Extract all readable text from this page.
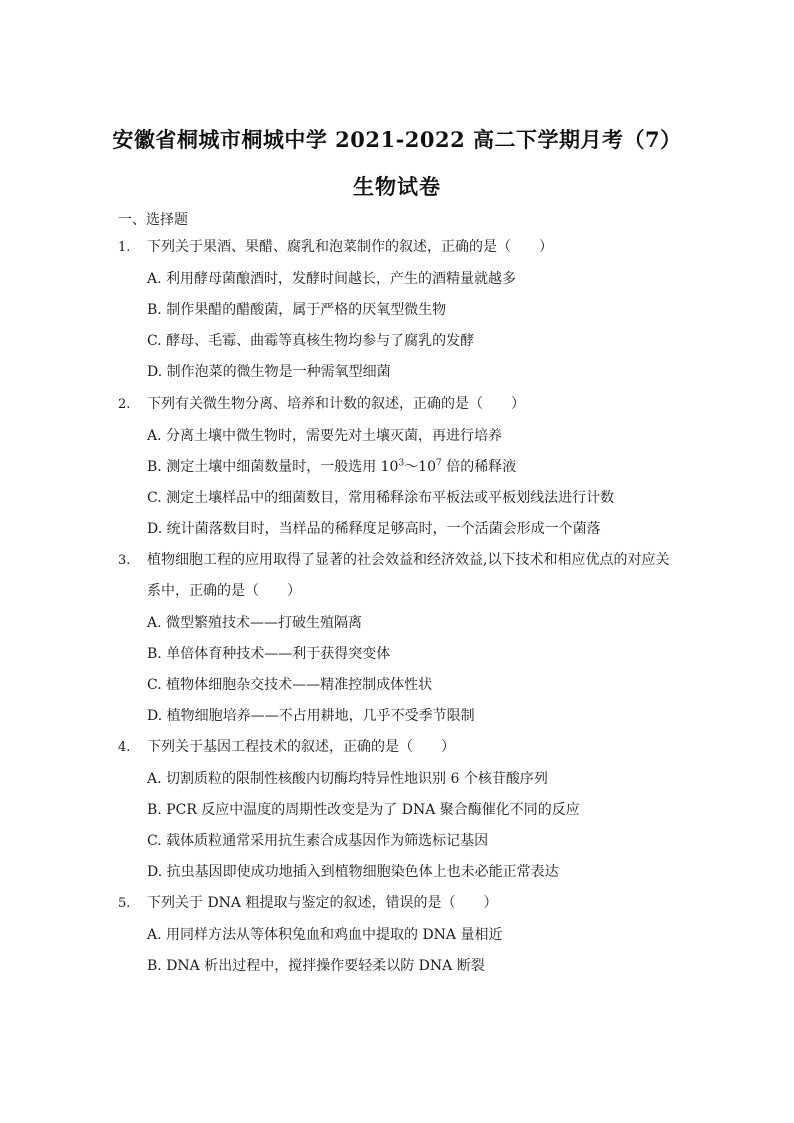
安徽省桐城市桐城中学 2021-2022 高二下学期月考（7）
生物试卷
一、选择题
1. 下列关于果酒、果醋、腐乳和泡菜制作的叙述，正确的是（　　）
A. 利用酵母菌酿酒时，发酵时间越长，产生的酒精量就越多
B. 制作果醋的醋酸菌，属于严格的厌氧型微生物
C. 酵母、毛霉、曲霉等真核生物均参与了腐乳的发酵
D. 制作泡菜的微生物是一种需氧型细菌
2. 下列有关微生物分离、培养和计数的叙述，正确的是（　　）
A. 分离土壤中微生物时，需要先对土壤灭菌，再进行培养
B. 测定土壤中细菌数量时，一般选用 $10^3\sim 10^7$ 倍的稀释液
C. 测定土壤样品中的细菌数目，常用稀释涂布平板法或平板划线法进行计数
D. 统计菌落数目时，当样品的稀释度足够高时，一个活菌会形成一个菌落
3. 植物细胞工程的应用取得了显著的社会效益和经济效益,以下技术和相应优点的对应关
系中，正确的是（　　）
A. 微型繁殖技术——打破生殖隔离
B. 单倍体育种技术——利于获得突变体
C. 植物体细胞杂交技术——精准控制成体性状
D. 植物细胞培养——不占用耕地，几乎不受季节限制
4. 下列关于基因工程技术的叙述，正确的是（　　）
A. 切割质粒的限制性核酸内切酶均特异性地识别 6 个核苷酸序列
B. PCR 反应中温度的周期性改变是为了 DNA 聚合酶催化不同的反应
C. 载体质粒通常采用抗生素合成基因作为筛选标记基因
D. 抗虫基因即使成功地插入到植物细胞染色体上也未必能正常表达
5. 下列关于 DNA 粗提取与鉴定的叙述，错误的是（　　）
A. 用同样方法从等体积兔血和鸡血中提取的 DNA 量相近
B. DNA 析出过程中，搅拌操作要轻柔以防 DNA 断裂
